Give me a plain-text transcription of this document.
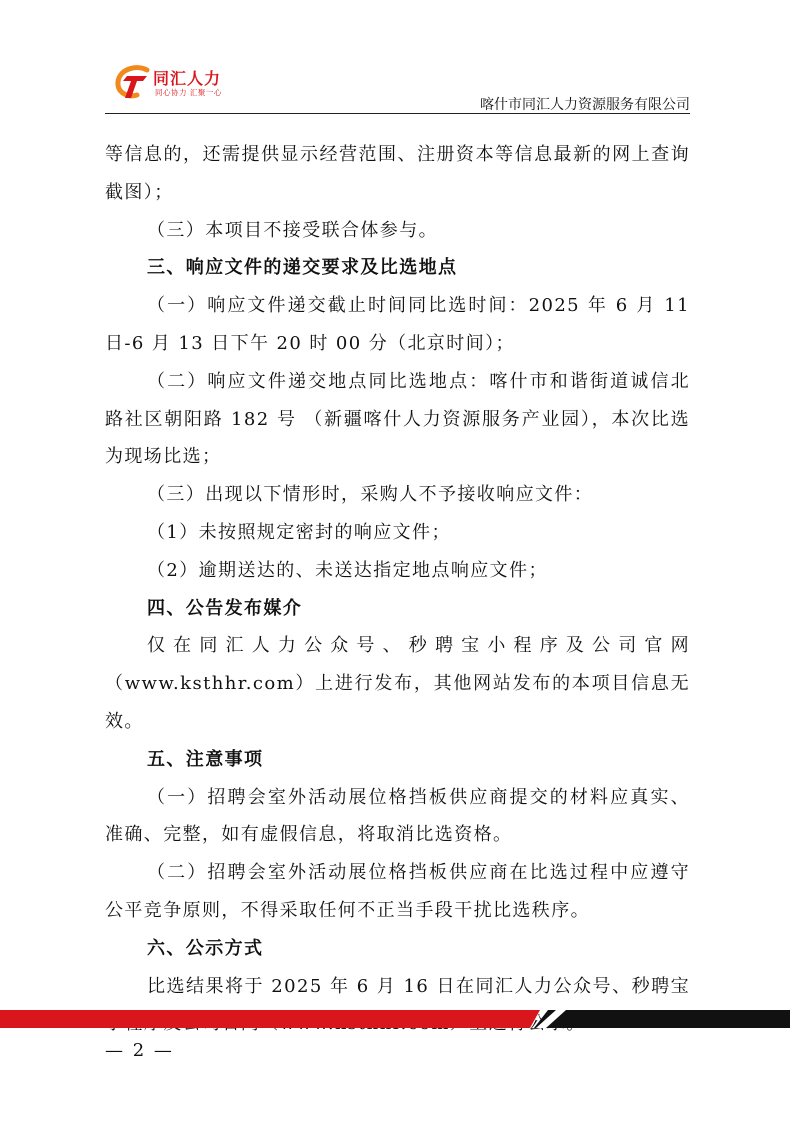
同汇人力
同心协力 汇聚一心
喀什市同汇人力资源服务有限公司

等信息的，还需提供显示经营范围、注册资本等信息最新的网上查询截图）；

（三）本项目不接受联合体参与。

三、响应文件的递交要求及比选地点

（一）响应文件递交截止时间同比选时间：2025 年 6 月 11 日-6 月 13 日下午 20 时 00 分（北京时间）；

（二）响应文件递交地点同比选地点：喀什市和谐街道诚信北路社区朝阳路 182 号 （新疆喀什人力资源服务产业园），本次比选为现场比选；

（三）出现以下情形时，采购人不予接收响应文件：

（1）未按照规定密封的响应文件；

（2）逾期送达的、未送达指定地点响应文件；

四、公告发布媒介

仅在同汇人力公众号、秒聘宝小程序及公司官网（www.ksthhr.com）上进行发布，其他网站发布的本项目信息无效。

五、注意事项

（一）招聘会室外活动展位格挡板供应商提交的材料应真实、准确、完整，如有虚假信息，将取消比选资格。

（二）招聘会室外活动展位格挡板供应商在比选过程中应遵守公平竞争原则，不得采取任何不正当手段干扰比选秩序。

六、公示方式

比选结果将于 2025 年 6 月 16 日在同汇人力公众号、秒聘宝 公

— 2 —
